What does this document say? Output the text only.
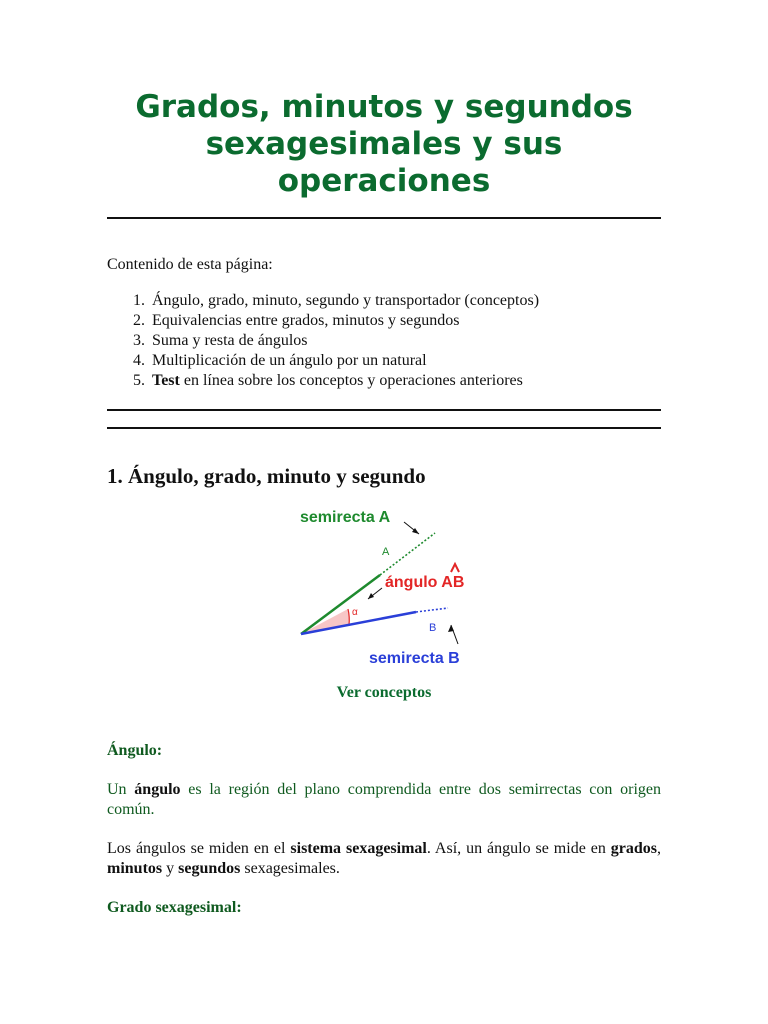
Grados, minutos y segundos sexagesimales y sus operaciones
Contenido de esta página:
1. Ángulo, grado, minuto, segundo y transportador (conceptos)
2. Equivalencias entre grados, minutos y segundos
3. Suma y resta de ángulos
4. Multiplicación de un ángulo por un natural
5. Test en línea sobre los conceptos y operaciones anteriores
1. Ángulo, grado, minuto y segundo
semirecta A
A
ángulo AB
α
B
semirecta B
Ver conceptos
Ángulo:

Un ángulo es la región del plano comprendida entre dos semirrectas con origen común.

Los ángulos se miden en el sistema sexagesimal. Así, un ángulo se mide en grados, minutos y segundos sexagesimales.

Grado sexagesimal:
